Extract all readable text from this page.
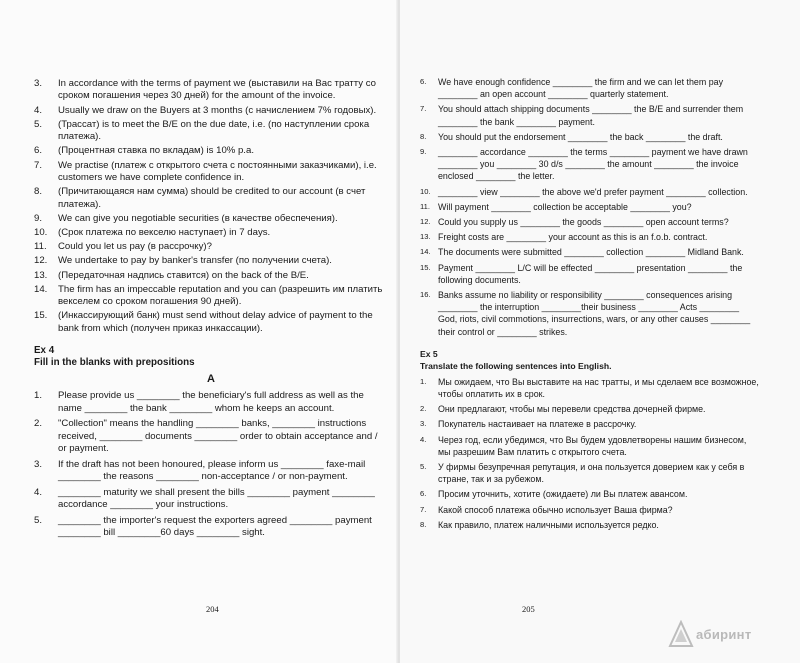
3.	In accordance with the terms of payment we (выставили на Вас тратту со сроком погашения через 30 дней) for the amount of the invoice.
4.	Usually we draw on the Buyers at 3 months (с начислением 7% годовых).
5.	(Трассат) is to meet the B/E on the due date, i.e. (по наступлении срока платежа).
6.	(Процентная ставка по вкладам) is 10% p.a.
7.	We practise (платеж с открытого счета с постоянными заказчиками), i.e. customers we have complete confidence in.
8.	(Причитающаяся нам сумма) should be credited to our account (в счет платежа).
9.	We can give you negotiable securities (в качестве обеспечения).
10.	(Срок платежа по векселю наступает) in 7 days.
11.	Could you let us pay (в рассрочку)?
12.	We undertake to pay by banker's transfer (по получении счета).
13.	(Передаточная надпись ставится) on the back of the B/E.
14.	The firm has an impeccable reputation and you can (разрешить им платить векселем со сроком погашения 90 дней).
15.	(Инкассирующий банк) must send without delay advice of payment to the bank from which (получен приказ инкассации).
Ex 4
Fill in the blanks with prepositions
A
1.	Please provide us ________ the beneficiary's full address as well as the name ________ the bank ________ whom he keeps an account.
2.	"Collection" means the handling ________ banks, ________ instructions received, ________ documents ________ order to obtain acceptance and / or payment.
3.	If the draft has not been honoured, please inform us ________ faxe-mail ________ the reasons ________ non-acceptance / or non-payment.
4.	________ maturity we shall present the bills ________ payment ________ accordance ________ your instructions.
5.	________ the importer's request the exporters agreed ________ payment ________ bill ________60 days ________ sight.
6.	We have enough confidence ________ the firm and we can let them pay ________ an open account ________ quarterly statement.
7.	You should attach shipping documents ________ the B/E and surrender them ________ the bank ________ payment.
8.	You should put the endorsement ________ the back ________ the draft.
9.	________ accordance ________ the terms ________ payment we have drawn ________ you ________ 30 d/s ________ the amount ________ the invoice enclosed ________ the letter.
10. ________ view ________ the above we'd prefer payment ________ collection.
11. Will payment ________ collection be acceptable ________ you?
12. Could you supply us ________ the goods ________ open account terms?
13. Freight costs are ________ your account as this is an f.o.b. contract.
14. The documents were submitted ________ collection ________ Midland Bank.
15. Payment ________ L/C will be effected ________ presentation ________ the following documents.
16. Banks assume no liability or responsibility ________ consequences arising ________ the interruption ________their business ________ Acts ________ God, riots, civil commotions, insurrections, wars, or any other causes ________ their control or ________ strikes.
Ex 5
Translate the following sentences into English.
1.	Мы ожидаем, что Вы выставите на нас тратты, и мы сделаем все возможное, чтобы оплатить их в срок.
2.	Они предлагают, чтобы мы перевели средства дочерней фирме.
3.	Покупатель настаивает на платеже в рассрочку.
4.	Через год, если убедимся, что Вы будем удовлетворены нашим бизнесом, мы разрешим Вам платить с открытого счета.
5.	У фирмы безупречная репутация, и она пользуется доверием как у себя в стране, так и за рубежом.
6.	Просим уточнить, хотите (ожидаете) ли Вы платеж авансом.
7.	Какой способ платежа обычно использует Ваша фирма?
8.	Как правило, платеж наличными используется редко.
204	205
абиринт
